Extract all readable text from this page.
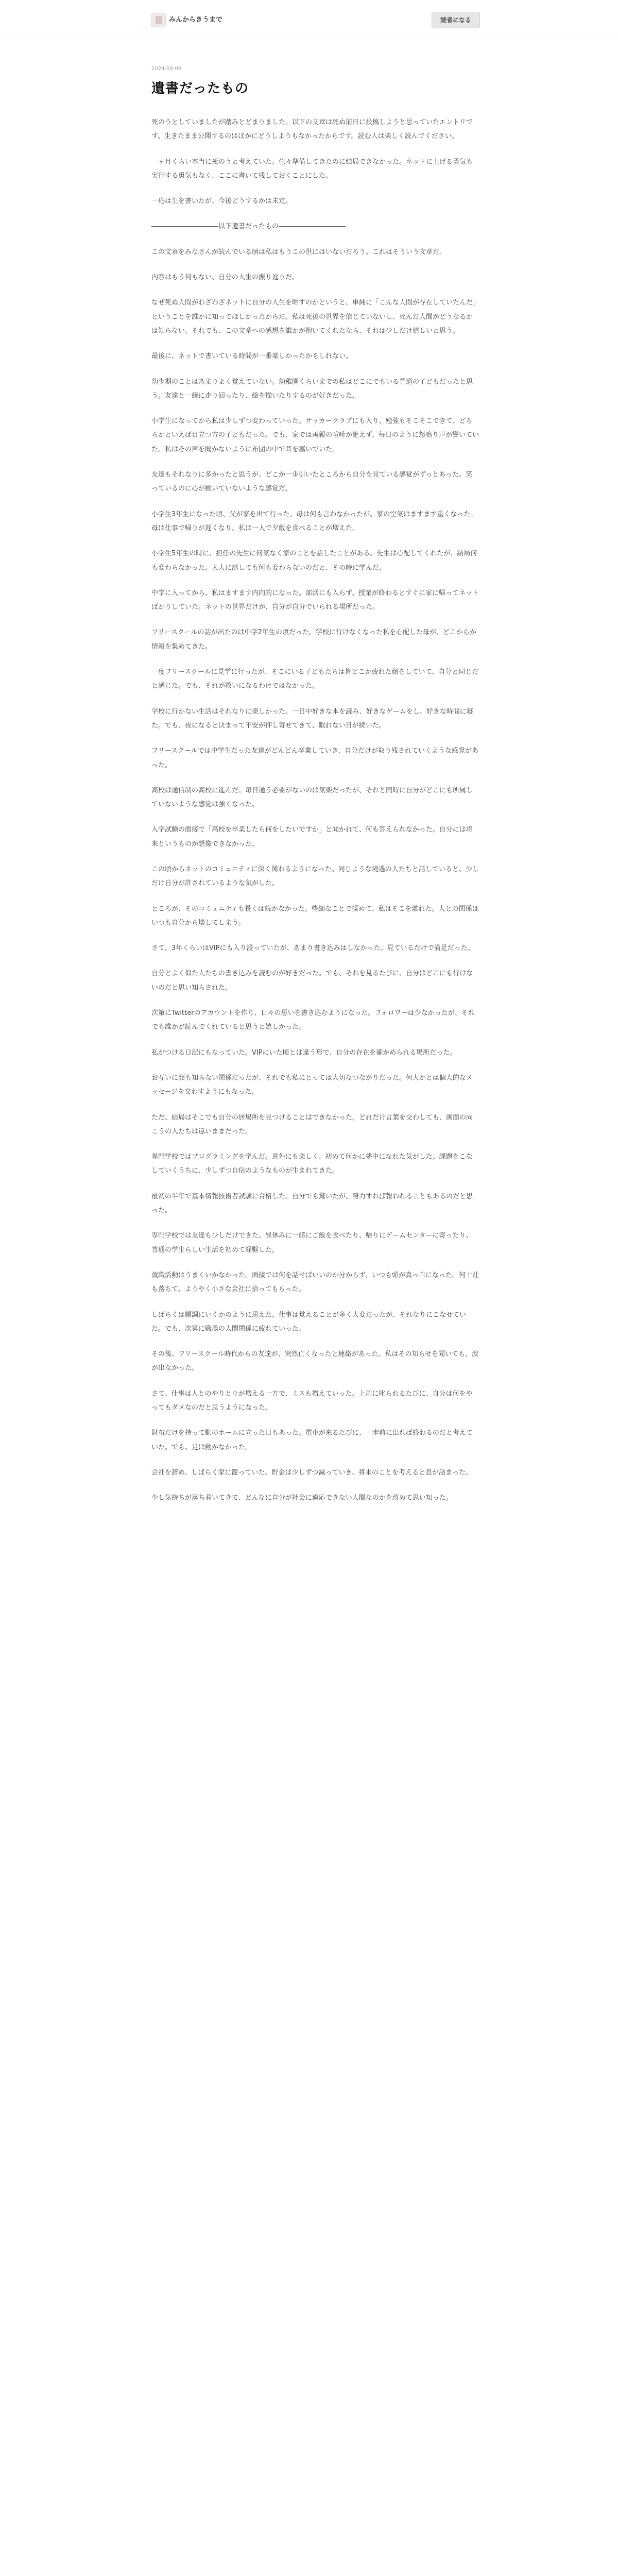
みんからきうまで	読者になる
2024-09-04
遺書だったもの

死のうとしていましたが踏みとどまりました。以下の文章は死ぬ前日に投稿しようと思っていたエントリです。生きたまま公開するのはほかにどうしようもなかったからです。読む人は楽しく読んでください。

一ヶ月くらい本当に死のうと考えていた。色々準備してきたのに結局できなかった。ネットに上げる勇気も実行する勇気もなく、ここに書いて残しておくことにした。

一応は生を書いたが、今後どうするかは未定。

――――――――――以下遺書だったもの――――――――――

この文章をみなさんが読んでいる頃は私はもうこの世にはいないだろう。これはそういう文章だ。

内容はもう何もない、自分の人生の振り返りだ。

なぜ死ぬ人間がわざわざネットに自分の人生を晒すのかというと、単純に「こんな人間が存在していたんだ」ということを誰かに知ってほしかったからだ。私は死後の世界を信じていないし、死んだ人間がどうなるかは知らない。それでも、この文章への感想を誰かが抱いてくれたなら、それは少しだけ嬉しいと思う。

最後に、ネットで書いている時間が一番楽しかったかもしれない。

幼少期のことはあまりよく覚えていない。幼稚園くらいまでの私はどこにでもいる普通の子どもだったと思う。友達と一緒に走り回ったり、絵を描いたりするのが好きだった。

小学生になってから私は少しずつ変わっていった。サッカークラブにも入り、勉強もそこそこできて、どちらかといえば目立つ方の子どもだった。でも、家では両親の喧嘩が絶えず、毎日のように怒鳴り声が響いていた。私はその声を聞かないように布団の中で耳を塞いでいた。

友達もそれなりに多かったと思うが、どこか一歩引いたところから自分を見ている感覚がずっとあった。笑っているのに心が動いていないような感覚だ。

小学生3年生になった頃、父が家を出て行った。母は何も言わなかったが、家の空気はますます重くなった。母は仕事で帰りが遅くなり、私は一人で夕飯を食べることが増えた。

小学生5年生の時に、担任の先生に何気なく家のことを話したことがある。先生は心配してくれたが、結局何も変わらなかった。大人に話しても何も変わらないのだと、その時に学んだ。

中学に入ってから、私はますます内向的になった。部活にも入らず、授業が終わるとすぐに家に帰ってネットばかりしていた。ネットの世界だけが、自分が自分でいられる場所だった。

フリースクールの話が出たのは中学2年生の頃だった。学校に行けなくなった私を心配した母が、どこからか情報を集めてきた。

一度フリースクールに見学に行ったが、そこにいる子どもたちは皆どこか疲れた顔をしていて、自分と同じだと感じた。でも、それが救いになるわけではなかった。

学校に行かない生活はそれなりに楽しかった。一日中好きな本を読み、好きなゲームをし、好きな時間に寝た。でも、夜になると決まって不安が押し寄せてきて、眠れない日が続いた。

フリースクールでは中学生だった友達がどんどん卒業していき、自分だけが取り残されていくような感覚があった。

高校は通信制の高校に進んだ。毎日通う必要がないのは気楽だったが、それと同時に自分がどこにも所属していないような感覚は強くなった。

入学試験の面接で「高校を卒業したら何をしたいですか」と聞かれて、何も答えられなかった。自分には将来というものが想像できなかった。

この頃からネットのコミュニティに深く関わるようになった。同じような境遇の人たちと話していると、少しだけ自分が許されているような気がした。

ところが、そのコミュニティも長くは続かなかった。些細なことで揉めて、私はそこを離れた。人との関係はいつも自分から壊してしまう。

さて、3年くらいはVIPにも入り浸っていたが、あまり書き込みはしなかった。見ているだけで満足だった。

自分とよく似た人たちの書き込みを読むのが好きだった。でも、それを見るたびに、自分はどこにも行けないのだと思い知らされた。

次第にTwitterのアカウントを作り、日々の思いを書き込むようになった。フォロワーは少なかったが、それでも誰かが読んでくれていると思うと嬉しかった。

私がつける日記にもなっていた。VIPにいた頃とは違う形で、自分の存在を確かめられる場所だった。

お互いに顔も知らない関係だったが、それでも私にとっては大切なつながりだった。何人かとは個人的なメッセージを交わすようにもなった。

ただ、結局はそこでも自分の居場所を見つけることはできなかった。どれだけ言葉を交わしても、画面の向こうの人たちは遠いままだった。

専門学校ではプログラミングを学んだ。意外にも楽しく、初めて何かに夢中になれた気がした。課題をこなしていくうちに、少しずつ自信のようなものが生まれてきた。

最初の半年で基本情報技術者試験に合格した。自分でも驚いたが、努力すれば報われることもあるのだと思った。

専門学校では友達も少しだけできた。昼休みに一緒にご飯を食べたり、帰りにゲームセンターに寄ったり、普通の学生らしい生活を初めて経験した。

就職活動はうまくいかなかった。面接では何を話せばいいのか分からず、いつも頭が真っ白になった。何十社も落ちて、ようやく小さな会社に拾ってもらった。

しばらくは順調にいくかのように思えた。仕事は覚えることが多く大変だったが、それなりにこなせていた。でも、次第に職場の人間関係に疲れていった。

その後、フリースクール時代からの友達が、突然亡くなったと連絡があった。私はその知らせを聞いても、涙が出なかった。

さて、仕事は人とのやりとりが増える一方で、ミスも増えていった。上司に叱られるたびに、自分は何をやってもダメなのだと思うようになった。

財布だけを持って駅のホームに立った日もあった。電車が来るたびに、一歩前に出れば終わるのだと考えていた。でも、足は動かなかった。

会社を辞め、しばらく家に籠っていた。貯金は少しずつ減っていき、将来のことを考えると息が詰まった。

少し気持ちが落ち着いてきて、どんなに自分が社会に適応できない人間なのかを改めて思い知った。
